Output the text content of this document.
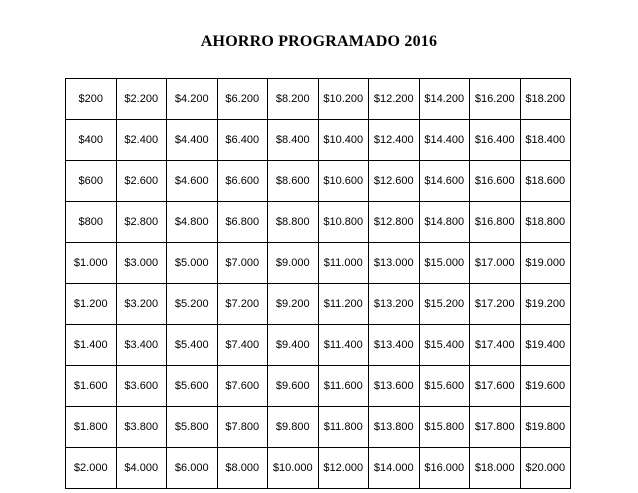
AHORRO PROGRAMADO 2016
$200	$2.200	$4.200	$6.200	$8.200	$10.200	$12.200	$14.200	$16.200	$18.200
$400	$2.400	$4.400	$6.400	$8.400	$10.400	$12.400	$14.400	$16.400	$18.400
$600	$2.600	$4.600	$6.600	$8.600	$10.600	$12.600	$14.600	$16.600	$18.600
$800	$2.800	$4.800	$6.800	$8.800	$10.800	$12.800	$14.800	$16.800	$18.800
$1.000	$3.000	$5.000	$7.000	$9.000	$11.000	$13.000	$15.000	$17.000	$19.000
$1.200	$3.200	$5.200	$7.200	$9.200	$11.200	$13.200	$15.200	$17.200	$19.200
$1.400	$3.400	$5.400	$7.400	$9.400	$11.400	$13.400	$15.400	$17.400	$19.400
$1.600	$3.600	$5.600	$7.600	$9.600	$11.600	$13.600	$15.600	$17.600	$19.600
$1.800	$3.800	$5.800	$7.800	$9.800	$11.800	$13.800	$15.800	$17.800	$19.800
$2.000	$4.000	$6.000	$8.000	$10.000	$12.000	$14.000	$16.000	$18.000	$20.000
